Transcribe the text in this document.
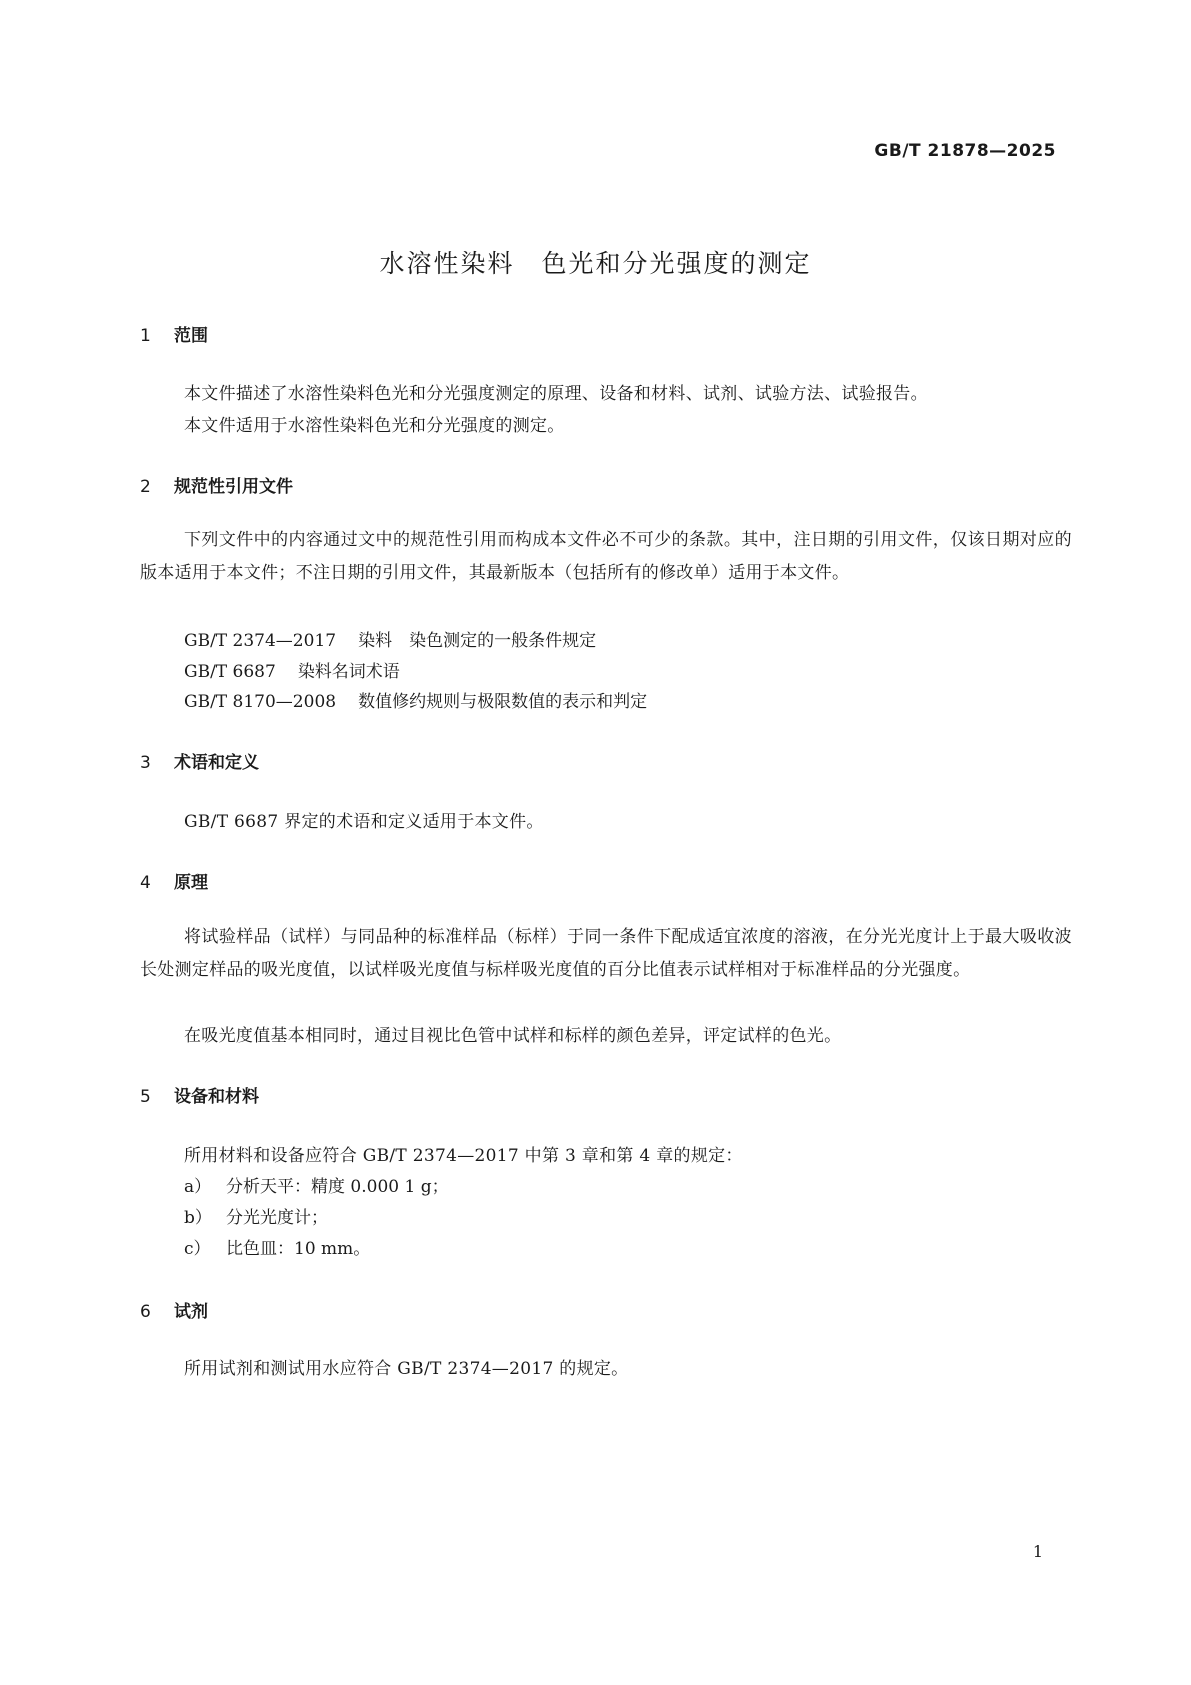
GB/T 21878—2025
水溶性染料　色光和分光强度的测定
1 范围
本文件描述了水溶性染料色光和分光强度测定的原理、设备和材料、试剂、试验方法、试验报告。
本文件适用于水溶性染料色光和分光强度的测定。
2 规范性引用文件
下列文件中的内容通过文中的规范性引用而构成本文件必不可少的条款。其中，注日期的引用文件，仅该日期对应的版本适用于本文件；不注日期的引用文件，其最新版本（包括所有的修改单）适用于本文件。
GB/T 2374—2017 染料　染色测定的一般条件规定
GB/T 6687 染料名词术语
GB/T 8170—2008 数值修约规则与极限数值的表示和判定
3 术语和定义
GB/T 6687 界定的术语和定义适用于本文件。
4 原理
将试验样品（试样）与同品种的标准样品（标样）于同一条件下配成适宜浓度的溶液，在分光光度计上于最大吸收波长处测定样品的吸光度值，以试样吸光度值与标样吸光度值的百分比值表示试样相对于标准样品的分光强度。
在吸光度值基本相同时，通过目视比色管中试样和标样的颜色差异，评定试样的色光。
5 设备和材料
所用材料和设备应符合 GB/T 2374—2017 中第 3 章和第 4 章的规定：
a） 分析天平：精度 0.000 1 g；
b） 分光光度计；
c） 比色皿：10 mm。
6 试剂
所用试剂和测试用水应符合 GB/T 2374—2017 的规定。
1
